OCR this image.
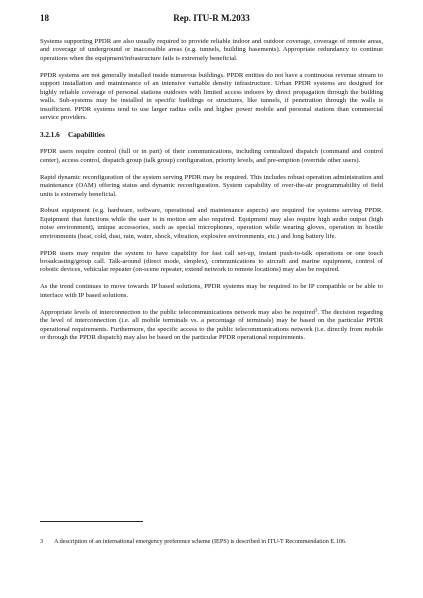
18	Rep. ITU-R M.2033

Systems supporting PPDR are also usually required to provide reliable indoor and outdoor coverage, coverage of remote areas, and coverage of underground or inaccessible areas (e.g. tunnels, building basements). Appropriate redundancy to continue operations when the equipment/infrastructure fails is extremely beneficial.

PPDR systems are not generally installed inside numerous buildings. PPDR entities do not have a continuous revenue stream to support installation and maintenance of an intensive variable density infrastructure. Urban PPDR systems are designed for highly reliable coverage of personal stations outdoors with limited access indoors by direct propagation through the building walls. Sub-systems may be installed in specific buildings or structures, like tunnels, if penetration through the walls is insufficient. PPDR systems tend to use larger radius cells and higher power mobile and personal stations than commercial service providers.

3.2.1.6 Capabilities

PPDR users require control (full or in part) of their communications, including centralized dispatch (command and control center), access control, dispatch group (talk group) configuration, priority levels, and pre-emption (override other users).

Rapid dynamic reconfiguration of the system serving PPDR may be required. This includes robust operation administration and maintenance (OAM) offering status and dynamic reconfiguration. System capability of over-the-air programmability of field units is extremely beneficial.

Robust equipment (e.g. hardware, software, operational and maintenance aspects) are required for systems serving PPDR. Equipment that functions while the user is in motion are also required. Equipment may also require high audio output (high noise environment), unique accessories, such as special microphones, operation while wearing gloves, operation in hostile environments (heat, cold, dust, rain, water, shock, vibration, explosive environments, etc.) and long battery life.

PPDR users may require the system to have capability for fast call set-up, instant push-to-talk operations or one touch broadcasting/group call. Talk-around (direct mode, simplex), communications to aircraft and marine equipment, control of robotic devices, vehicular repeater (on-scene repeater, extend network to remote locations) may also be required.

As the trend continues to move towards IP based solutions, PPDR systems may be required to be IP compatible or be able to interface with IP based solutions.

Appropriate levels of interconnection to the public telecommunications network may also be required$^3$. The decision regarding the level of interconnection (i.e. all mobile terminals vs. a percentage of terminals) may be based on the particular PPDR operational requirements. Furthermore, the specific access to the public telecommunications network (i.e. directly from mobile or through the PPDR dispatch) may also be based on the particular PPDR operational requirements.

3 A description of an international emergency preference scheme (IEPS) is described in ITU-T Recommendation E.106.
